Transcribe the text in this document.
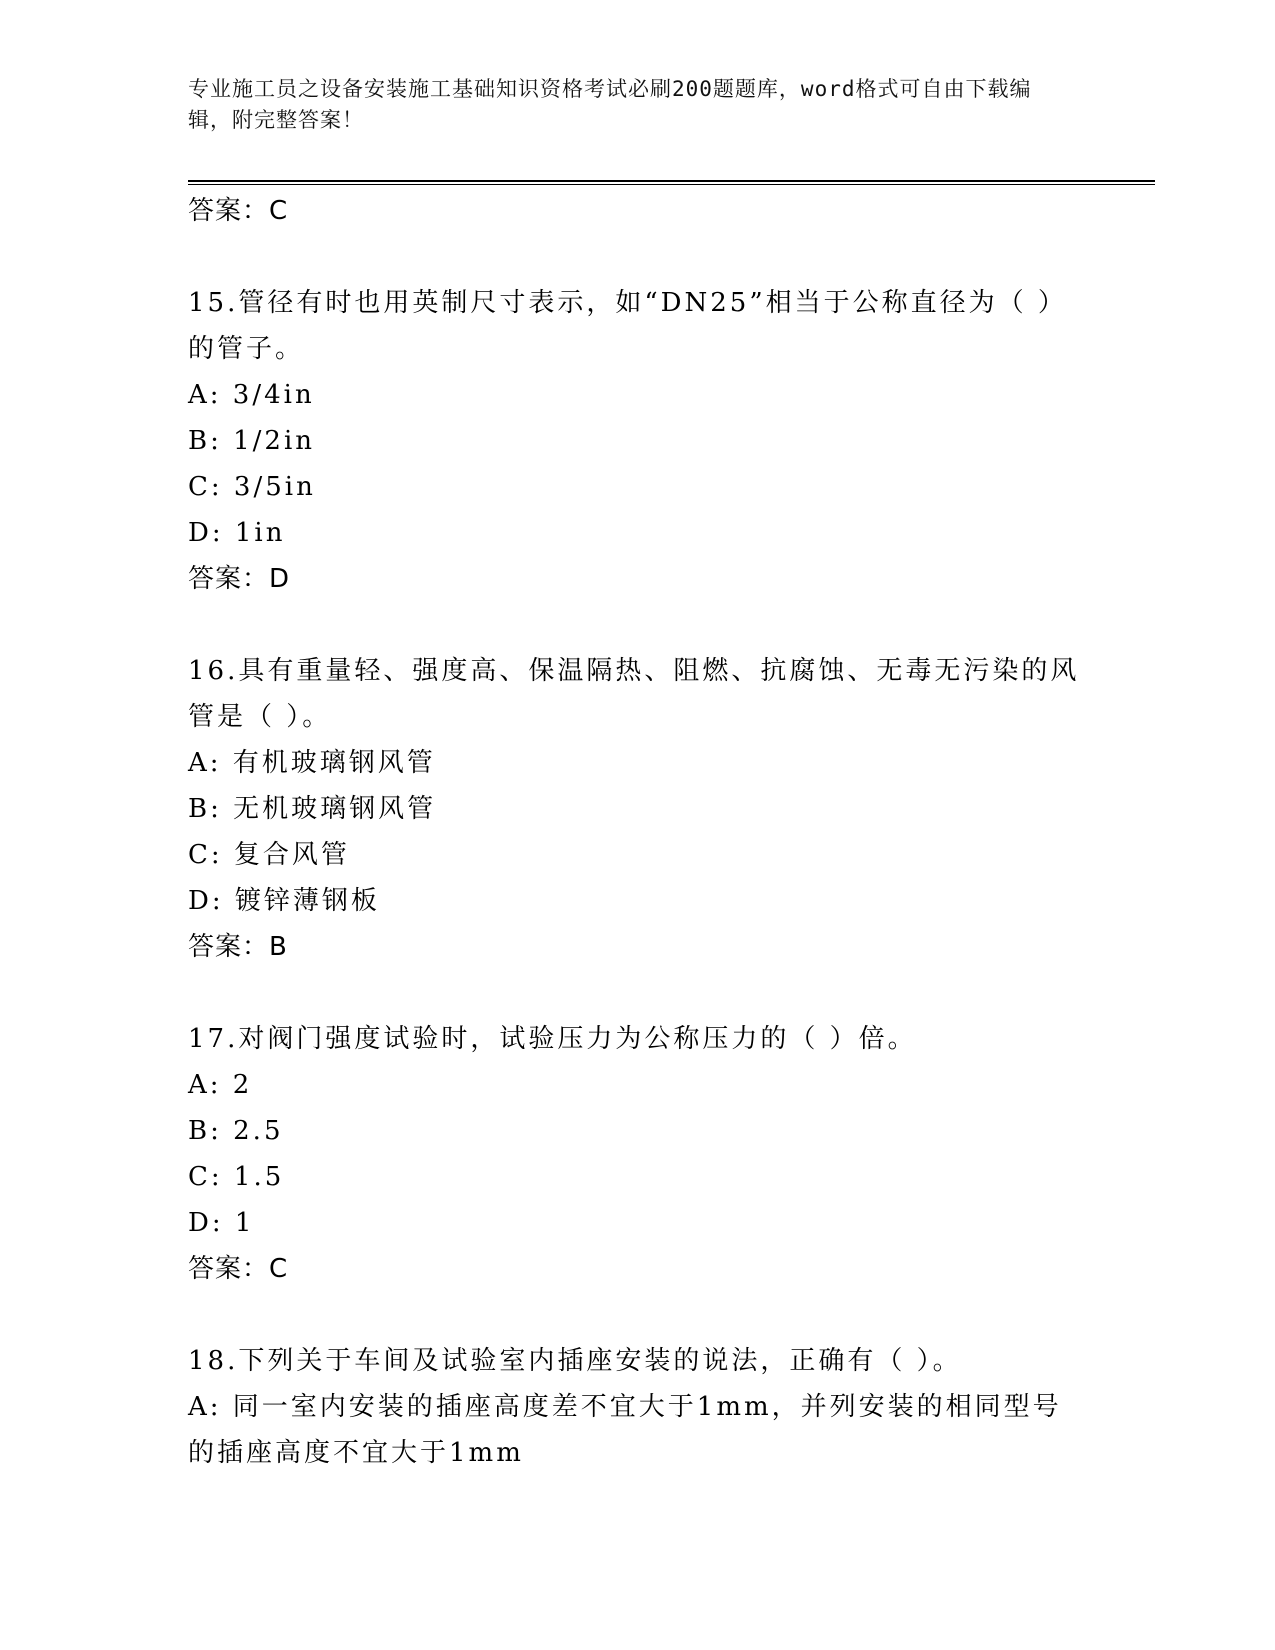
专业施工员之设备安装施工基础知识资格考试必刷200题题库，word格式可自由下载编辑，附完整答案！
答案：C
15.管径有时也用英制尺寸表示，如“DN25”相当于公称直径为（ ）的管子。
A: 3/4in
B: 1/2in
C: 3/5in
D: 1in
答案：D
16.具有重量轻、强度高、保温隔热、阻燃、抗腐蚀、无毒无污染的风管是（ ）。
A: 有机玻璃钢风管
B: 无机玻璃钢风管
C: 复合风管
D: 镀锌薄钢板
答案：B
17.对阀门强度试验时，试验压力为公称压力的（ ）倍。
A: 2
B: 2.5
C: 1.5
D: 1
答案：C
18.下列关于车间及试验室内插座安装的说法，正确有（ ）。
A: 同一室内安装的插座高度差不宜大于1mm，并列安装的相同型号的插座高度不宜大于1mm
